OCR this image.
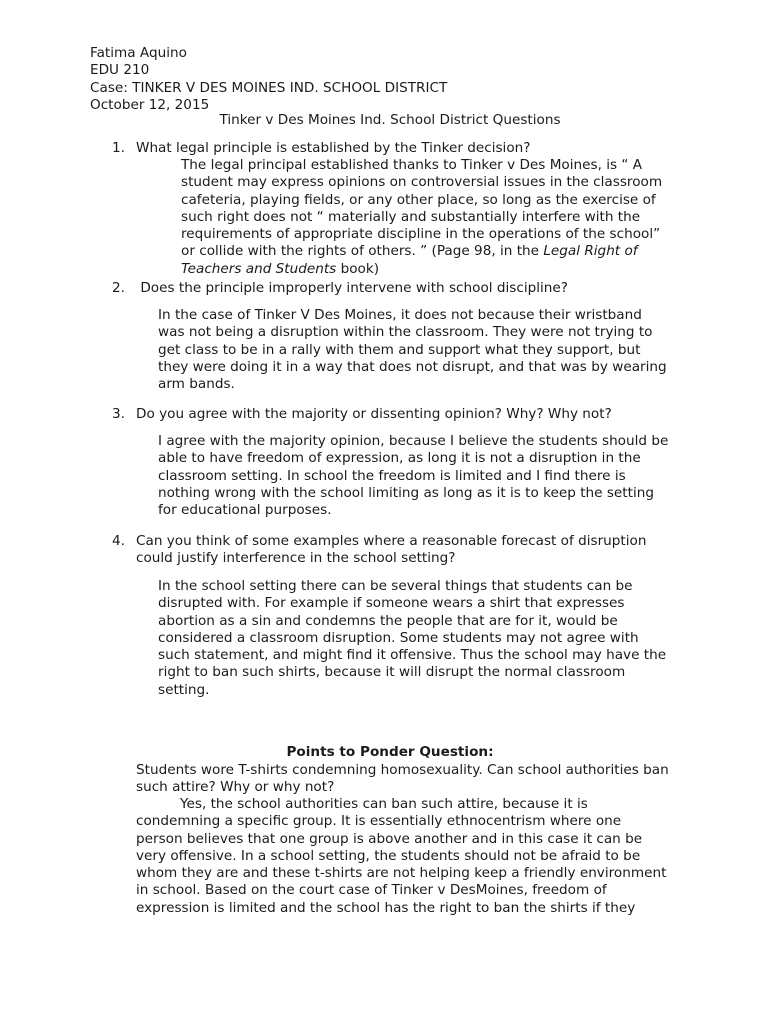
Fatima Aquino
EDU 210
Case: TINKER V DES MOINES IND. SCHOOL DISTRICT
October 12, 2015
Tinker v Des Moines Ind. School District Questions
1. What legal principle is established by the Tinker decision?
The legal principal established thanks to Tinker v Des Moines, is “ A
student may express opinions on controversial issues in the classroom
cafeteria, playing fields, or any other place, so long as the exercise of
such right does not “ materially and substantially interfere with the
requirements of appropriate discipline in the operations of the school”
or collide with the rights of others. ” (Page 98, in the Legal Right of
Teachers and Students book)
2. Does the principle improperly intervene with school discipline?
In the case of Tinker V Des Moines, it does not because their wristband
was not being a disruption within the classroom. They were not trying to
get class to be in a rally with them and support what they support, but
they were doing it in a way that does not disrupt, and that was by wearing
arm bands.
3. Do you agree with the majority or dissenting opinion? Why? Why not?
I agree with the majority opinion, because I believe the students should be
able to have freedom of expression, as long it is not a disruption in the
classroom setting. In school the freedom is limited and I find there is
nothing wrong with the school limiting as long as it is to keep the setting
for educational purposes.
4. Can you think of some examples where a reasonable forecast of disruption
could justify interference in the school setting?
In the school setting there can be several things that students can be
disrupted with. For example if someone wears a shirt that expresses
abortion as a sin and condemns the people that are for it, would be
considered a classroom disruption. Some students may not agree with
such statement, and might find it offensive. Thus the school may have the
right to ban such shirts, because it will disrupt the normal classroom
setting.
Points to Ponder Question:
Students wore T-shirts condemning homosexuality. Can school authorities ban
such attire? Why or why not?
Yes, the school authorities can ban such attire, because it is
condemning a specific group. It is essentially ethnocentrism where one
person believes that one group is above another and in this case it can be
very offensive. In a school setting, the students should not be afraid to be
whom they are and these t-shirts are not helping keep a friendly environment
in school. Based on the court case of Tinker v DesMoines, freedom of
expression is limited and the school has the right to ban the shirts if they
